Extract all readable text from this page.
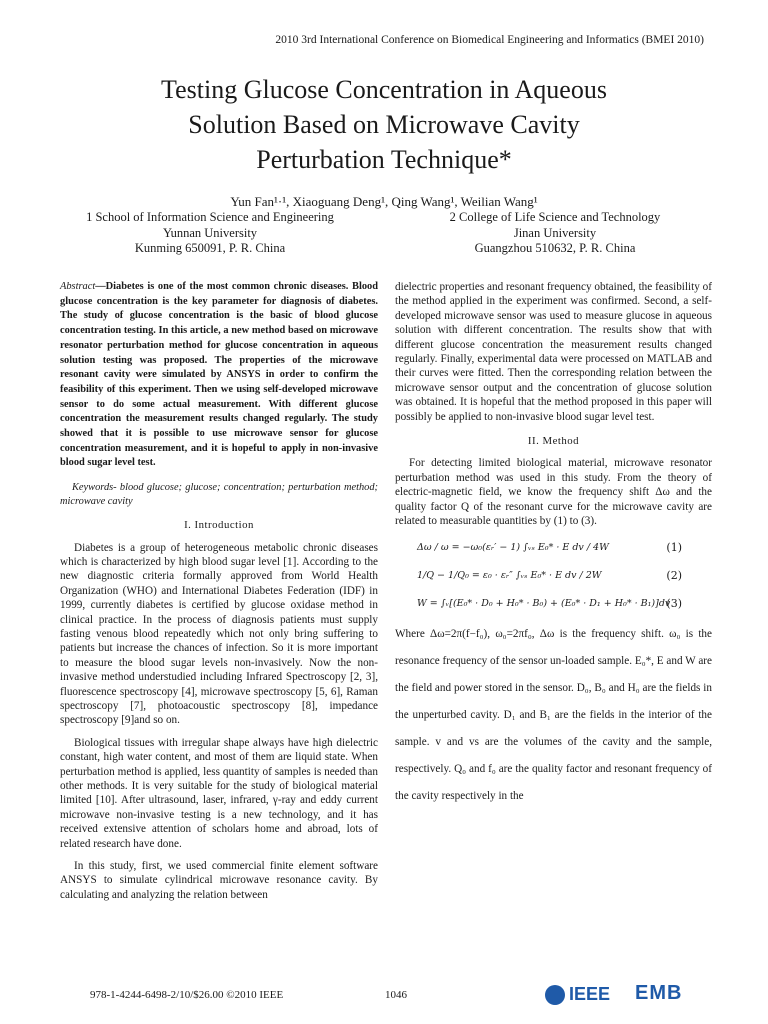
2010 3rd International Conference on Biomedical Engineering and Informatics (BMEI 2010)
Testing Glucose Concentration in Aqueous
Solution Based on Microwave Cavity
Perturbation Technique*
Yun Fan¹·¹, Xiaoguang Deng¹, Qing Wang¹, Weilian Wang¹
1 School of Information Science and Engineering
Yunnan University
Kunming 650091, P. R. China
2 College of Life Science and Technology
Jinan University
Guangzhou 510632, P. R. China
Abstract—Diabetes is one of the most common chronic diseases. Blood glucose concentration is the key parameter for diagnosis of diabetes. The study of glucose concentration is the basic of blood glucose concentration testing. In this article, a new method based on microwave resonator perturbation method for glucose concentration in aqueous solution testing was proposed. The properties of the microwave resonant cavity were simulated by ANSYS in order to confirm the feasibility of this experiment. Then we using self-developed microwave sensor to do some actual measurement. With different glucose concentration the measurement results changed regularly. The study showed that it is possible to use microwave sensor for glucose concentration measurement, and it is hopeful to apply in non-invasive blood sugar level test.
Keywords- blood glucose; glucose; concentration; perturbation method; microwave cavity
I. Introduction

Diabetes is a group of heterogeneous metabolic chronic diseases which is characterized by high blood sugar level [1]. According to the new diagnostic criteria formally approved from World Health Organization (WHO) and International Diabetes Federation (IDF) in 1999, currently diabetes is certified by glucose oxidase method in clinical practice. In the process of diagnosis patients must supply fasting venous blood repeatedly which not only bring suffering to patients but increase the chances of infection. So it is more important to measure the blood sugar levels non-invasively. Now the non-invasive method understudied including Infrared Spectroscopy [2, 3], fluorescence spectroscopy [4], microwave spectroscopy [5, 6], Raman spectroscopy [7], photoacoustic spectroscopy [8], impedance spectroscopy [9]and so on.

Biological tissues with irregular shape always have high dielectric constant, high water content, and most of them are liquid state. When perturbation method is applied, less quantity of samples is needed than other methods. It is very suitable for the study of biological material limited [10]. After ultrasound, laser, infrared, γ-ray and eddy current microwave non-invasive testing is a new technology, and it has received extensive attention of scholars home and abroad, lots of related research have done.

In this study, first, we used commercial finite element software ANSYS to simulate cylindrical microwave resonance cavity. By calculating and analyzing the relation between

dielectric properties and resonant frequency obtained, the feasibility of the method applied in the experiment was confirmed. Second, a self-developed microwave sensor was used to measure glucose in aqueous solution with different concentration. The results show that with different glucose concentration the measurement results changed regularly. Finally, experimental data were processed on MATLAB and their curves were fitted. Then the corresponding relation between the microwave sensor output and the concentration of glucose solution was obtained. It is hopeful that the method proposed in this paper will possibly be applied to non-invasive blood sugar level test.

II. Method

For detecting limited biological material, microwave resonator perturbation method was used in this study. From the theory of electric-magnetic field, we know the frequency shift Δω and the quality factor Q of the resonant curve for the microwave cavity are related to measurable quantities by (1) to (3).

Δω / ω = −ω₀(εᵣ′ − 1) ∫ᵥₛ E₀* · E dv / 4W	(1)
1/Q − 1/Q₀ = ε₀ · εᵣ″ ∫ᵥₛ E₀* · E dv / 2W	(2)
W = ∫ᵥ[(E₀* · D₀ + H₀* · B₀) + (E₀* · D₁ + H₀* · B₁)]dv
(3)
Where Δω=2π(f−f₀), ω₀=2πf₀, Δω is the frequency shift. ω₀ is the resonance frequency of the sensor un-loaded sample. E₀*, E and W are the field and power stored in the sensor. D₀, B₀ and H₀ are the fields in the unperturbed cavity. D₁ and B₁ are the fields in the interior of the sample. v and vs are the volumes of the cavity and the sample, respectively. Q₀ and f₀ are the quality factor and resonant frequency of the cavity respectively in the
978-1-4244-6498-2/10/$26.00 ©2010 IEEE	1046	IEEE EMB
